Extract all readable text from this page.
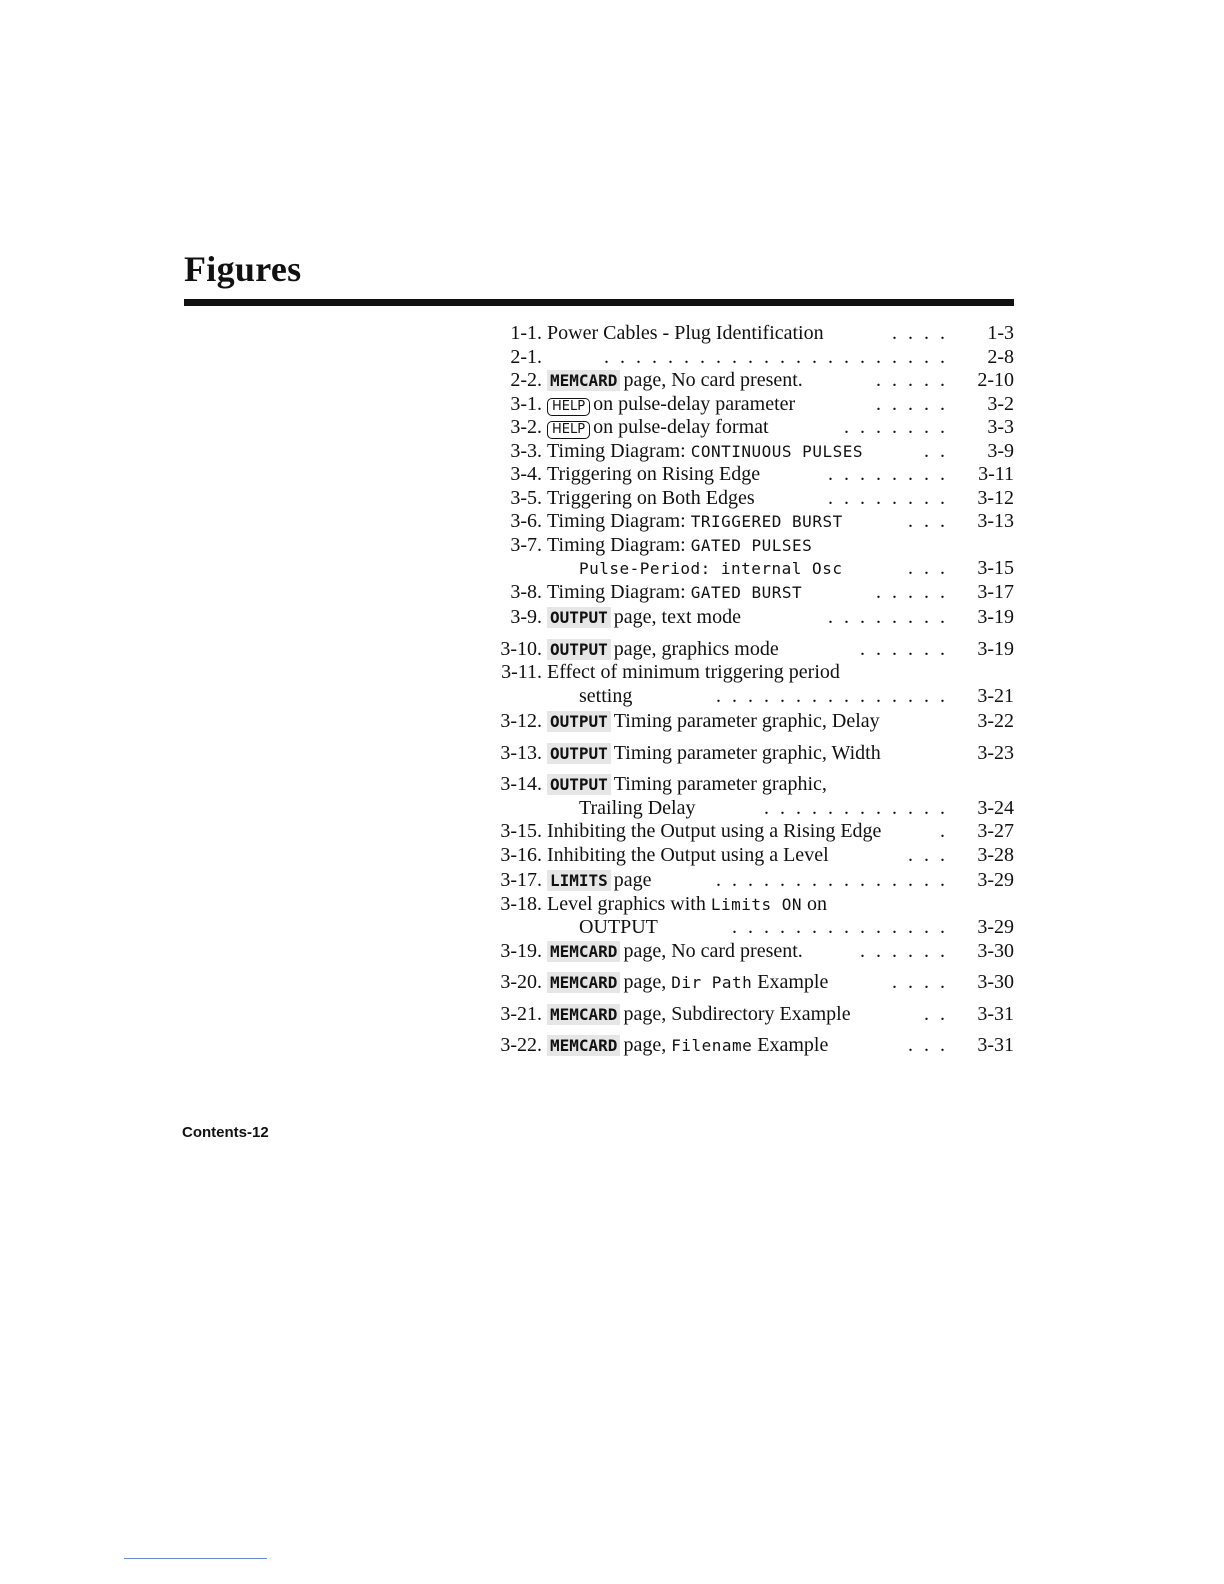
Figures
1-1. Power Cables - Plug Identification	. . . .	1-3
2-1.	. . . . . . . . . . . . . . . . . . . . . .	2-8
2-2. MEMCARD page, No card present.	. . . . .	2-10
3-1. HELP on pulse-delay parameter	. . . . .	3-2
3-2. HELP on pulse-delay format	. . . . . . .	3-3
3-3. Timing Diagram: CONTINUOUS PULSES	. .	3-9
3-4. Triggering on Rising Edge	. . . . . . . .	3-11
3-5. Triggering on Both Edges	. . . . . . . .	3-12
3-6. Timing Diagram: TRIGGERED BURST	. . .	3-13
3-7. Timing Diagram: GATED PULSES
Pulse-Period: internal Osc	. . .	3-15
3-8. Timing Diagram: GATED BURST	. . . . .	3-17
3-9. OUTPUT page, text mode	. . . . . . . .	3-19
3-10. OUTPUT page, graphics mode	. . . . . .	3-19
3-11. Effect of minimum triggering period
setting	. . . . . . . . . . . . . . .	3-21
3-12. OUTPUT Timing parameter graphic, Delay	3-22
3-13. OUTPUT Timing parameter graphic, Width	3-23
3-14. OUTPUT Timing parameter graphic,
Trailing Delay	. . . . . . . . . . . .	3-24
3-15. Inhibiting the Output using a Rising Edge	.	3-27
3-16. Inhibiting the Output using a Level	. . .	3-28
3-17. LIMITS page	. . . . . . . . . . . . . . .	3-29
3-18. Level graphics with Limits ON on
OUTPUT	. . . . . . . . . . . . . .	3-29
3-19. MEMCARD page, No card present.	. . . . . .	3-30
3-20. MEMCARD page, Dir Path Example	. . . .	3-30
3-21. MEMCARD page, Subdirectory Example	. .	3-31
3-22. MEMCARD page, Filename Example	. . .	3-31
Contents-12
